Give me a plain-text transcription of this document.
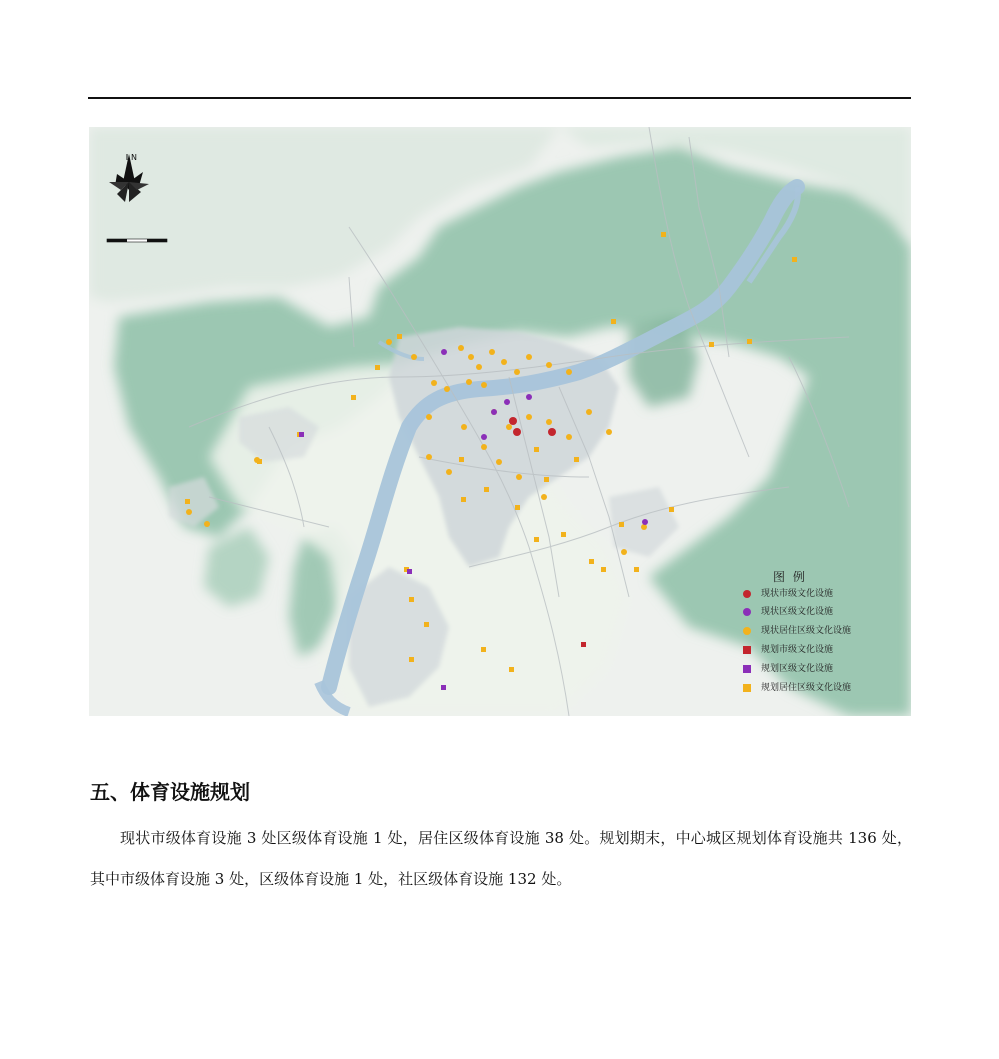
N
图 例
现状市级文化设施
现状区级文化设施
现状居住区级文化设施
规划市级文化设施
规划区级文化设施
规划居住区级文化设施
五、体育设施规划

现状市级体育设施 3 处区级体育设施 1 处，居住区级体育设施 38 处。规划期末，中心城区规划体育设施共 136 处，其中市级体育设施 3 处，区级体育设施 1 处，社区级体育设施 132 处。
